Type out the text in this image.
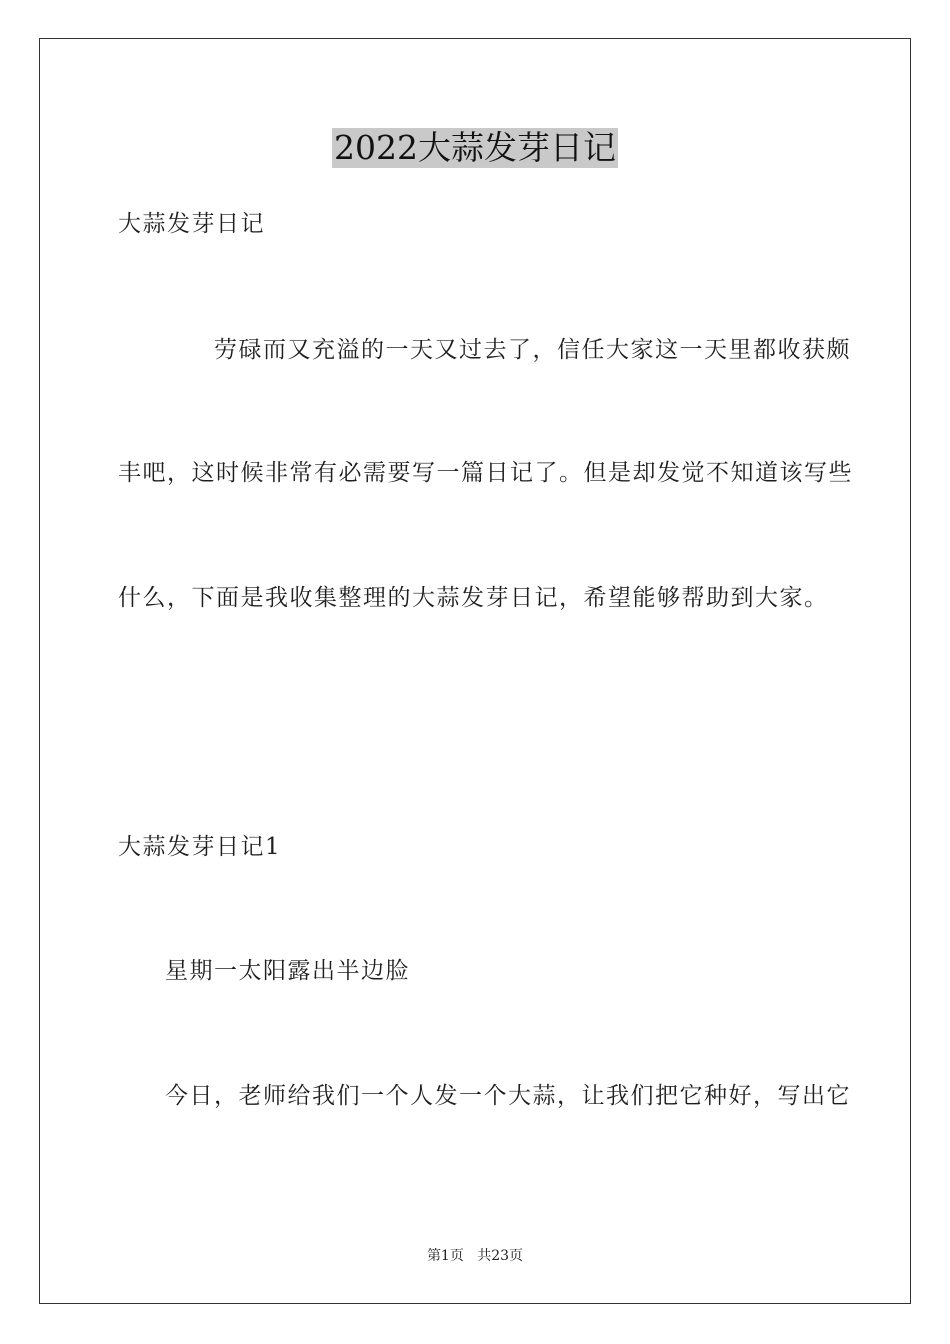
2022大蒜发芽日记
大蒜发芽日记
劳碌而又充溢的一天又过去了，信任大家这一天里都收获颇
丰吧，这时候非常有必需要写一篇日记了。但是却发觉不知道该写些
什么，下面是我收集整理的大蒜发芽日记，希望能够帮助到大家。
大蒜发芽日记1
星期一太阳露出半边脸
今日，老师给我们一个人发一个大蒜，让我们把它种好，写出它
第1页 共23页
